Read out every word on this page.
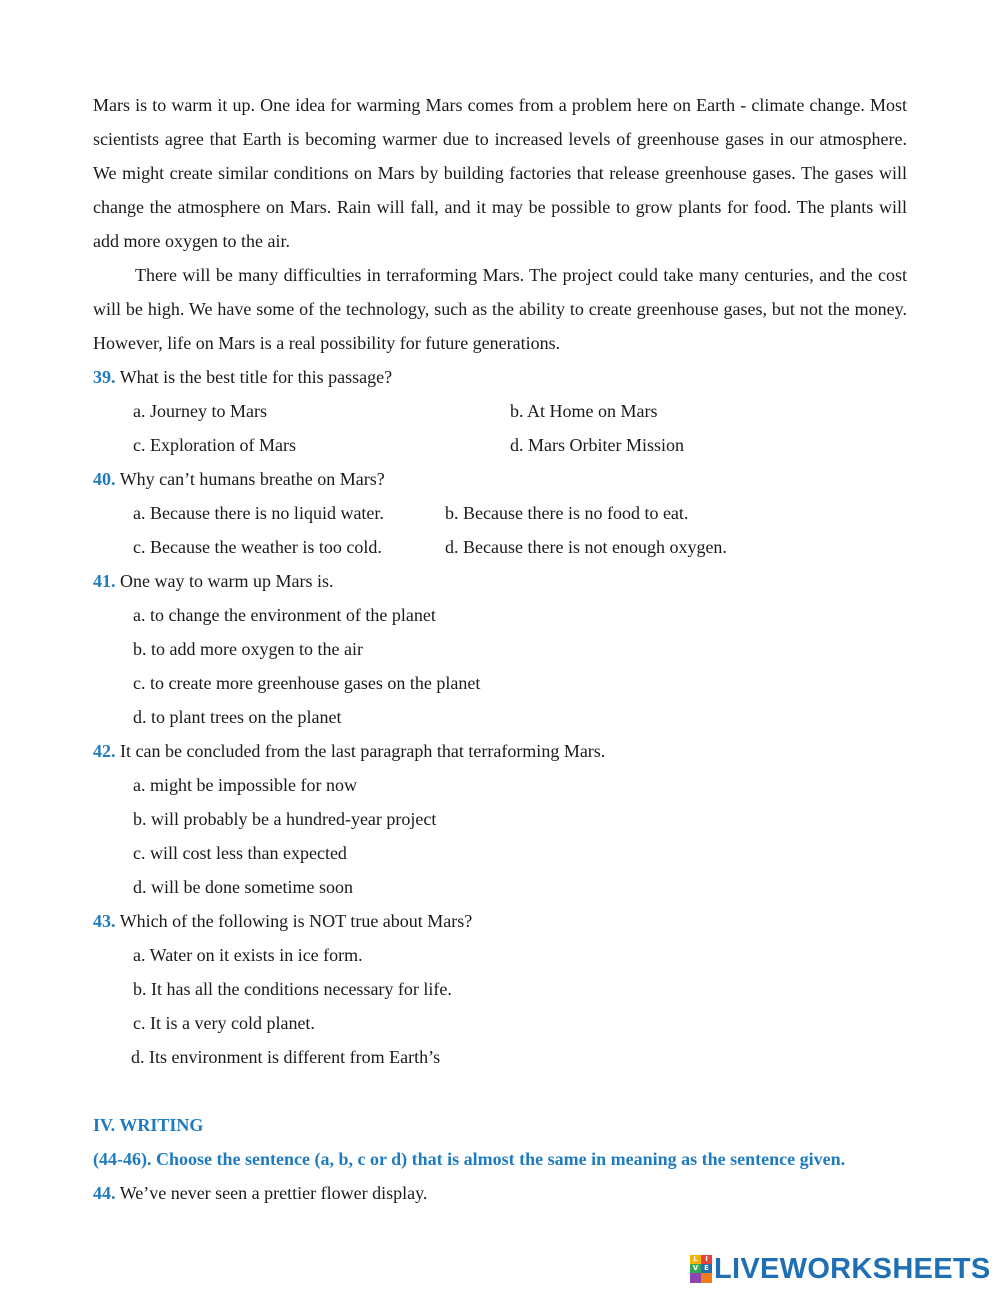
Mars is to warm it up. One idea for warming Mars comes from a problem here on Earth - climate change. Most scientists agree that Earth is becoming warmer due to increased levels of greenhouse gases in our atmosphere. We might create similar conditions on Mars by building factories that release greenhouse gases. The gases will change the atmosphere on Mars. Rain will fall, and it may be possible to grow plants for food. The plants will add more oxygen to the air.

There will be many difficulties in terraforming Mars. The project could take many centuries, and the cost will be high. We have some of the technology, such as the ability to create greenhouse gases, but not the money. However, life on Mars is a real possibility for future generations.

39. What is the best title for this passage?
a. Journey to Mars	b. At Home on Mars
c. Exploration of Mars	d. Mars Orbiter Mission
40. Why can’t humans breathe on Mars?
a. Because there is no liquid water.	b. Because there is no food to eat.
c. Because the weather is too cold.	d. Because there is not enough oxygen.
41. One way to warm up Mars is.
a. to change the environment of the planet
b. to add more oxygen to the air
c. to create more greenhouse gases on the planet
d. to plant trees on the planet
42. It can be concluded from the last paragraph that terraforming Mars.
a. might be impossible for now
b. will probably be a hundred-year project
c. will cost less than expected
d. will be done sometime soon
43. Which of the following is NOT true about Mars?
a. Water on it exists in ice form.
b. It has all the conditions necessary for life.
c. It is a very cold planet.
d. Its environment is different from Earth’s
IV. WRITING
(44-46). Choose the sentence (a, b, c or d) that is almost the same in meaning as the sentence given.
44. We’ve never seen a prettier flower display.
L	I
V E LIVEWORKSHEETS
